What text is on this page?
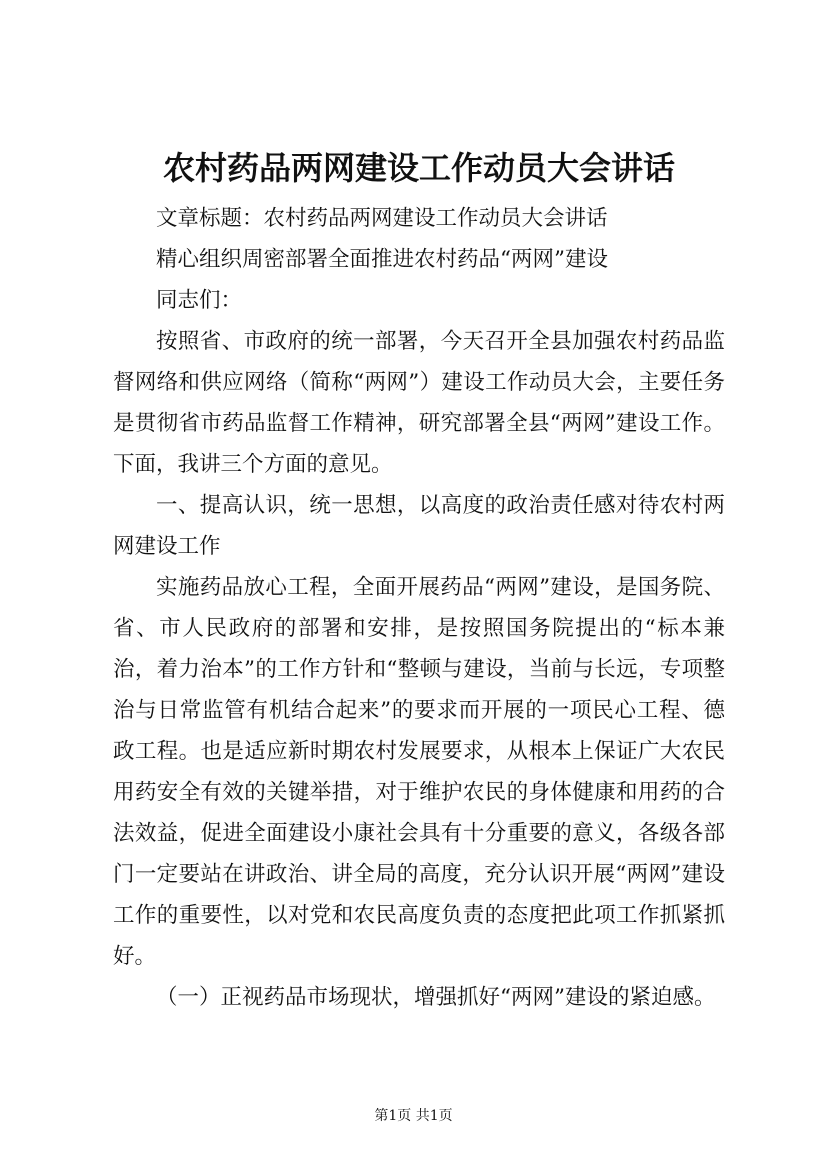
农村药品两网建设工作动员大会讲话

文章标题：农村药品两网建设工作动员大会讲话

精心组织周密部署全面推进农村药品“两网”建设

同志们：

按照省、市政府的统一部署，今天召开全县加强农村药品监督网络和供应网络（简称“两网”）建设工作动员大会，主要任务是贯彻省市药品监督工作精神，研究部署全县“两网”建设工作。下面，我讲三个方面的意见。

一、提高认识，统一思想，以高度的政治责任感对待农村两网建设工作

实施药品放心工程，全面开展药品“两网”建设，是国务院、省、市人民政府的部署和安排，是按照国务院提出的“标本兼治，着力治本”的工作方针和“整顿与建设，当前与长远，专项整治与日常监管有机结合起来”的要求而开展的一项民心工程、德政工程。也是适应新时期农村发展要求，从根本上保证广大农民用药安全有效的关键举措，对于维护农民的身体健康和用药的合法效益，促进全面建设小康社会具有十分重要的意义，各级各部门一定要站在讲政治、讲全局的高度，充分认识开展“两网”建设工作的重要性，以对党和农民高度负责的态度把此项工作抓紧抓好。

（一）正视药品市场现状，增强抓好“两网”建设的紧迫感。

第1页 共1页
